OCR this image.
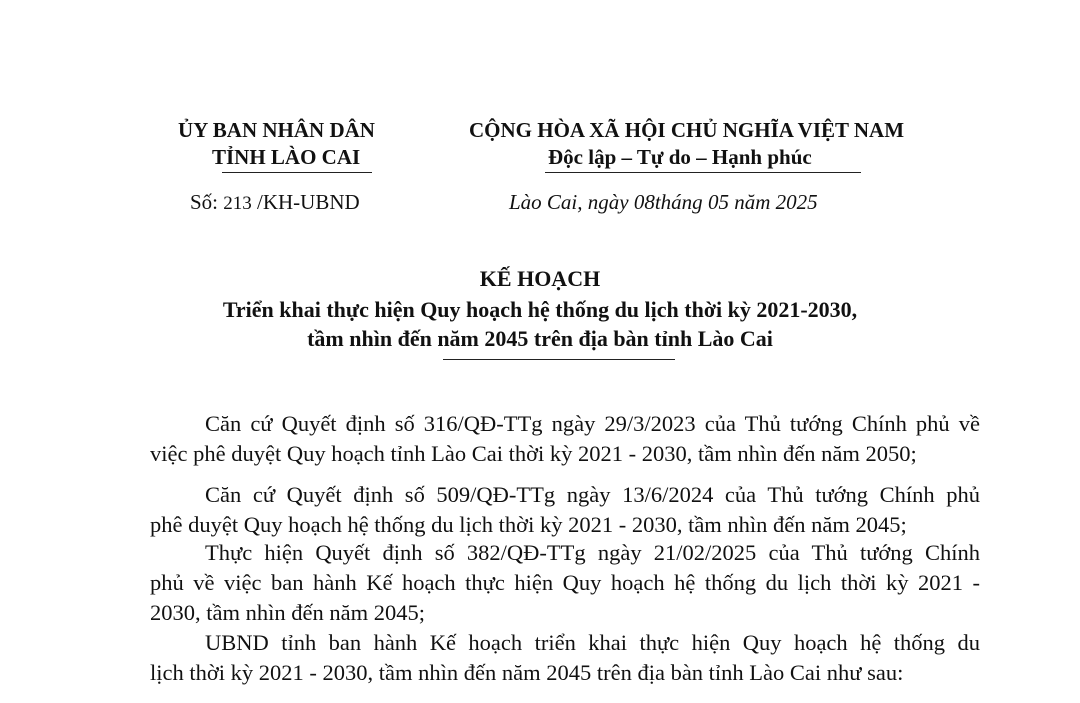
ỦY BAN NHÂN DÂN
TỈNH LÀO CAI
Số: 213 /KH-UBND
CỘNG HÒA XÃ HỘI CHỦ NGHĨA VIỆT NAM
Độc lập – Tự do – Hạnh phúc
Lào Cai, ngày 08tháng 05 năm 2025
KẾ HOẠCH
Triển khai thực hiện Quy hoạch hệ thống du lịch thời kỳ 2021-2030,
tầm nhìn đến năm 2045 trên địa bàn tỉnh Lào Cai
Căn cứ Quyết định số 316/QĐ-TTg ngày 29/3/2023 của Thủ tướng Chính phủ về
việc phê duyệt Quy hoạch tỉnh Lào Cai thời kỳ 2021 - 2030, tầm nhìn đến năm 2050;
Căn cứ Quyết định số 509/QĐ-TTg ngày 13/6/2024 của Thủ tướng Chính phủ
phê duyệt Quy hoạch hệ thống du lịch thời kỳ 2021 - 2030, tầm nhìn đến năm 2045;
Thực hiện Quyết định số 382/QĐ-TTg ngày 21/02/2025 của Thủ tướng Chính
phủ về việc ban hành Kế hoạch thực hiện Quy hoạch hệ thống du lịch thời kỳ 2021 -
2030, tầm nhìn đến năm 2045;
UBND tỉnh ban hành Kế hoạch triển khai thực hiện Quy hoạch hệ thống du
lịch thời kỳ 2021 - 2030, tầm nhìn đến năm 2045 trên địa bàn tỉnh Lào Cai như sau:
